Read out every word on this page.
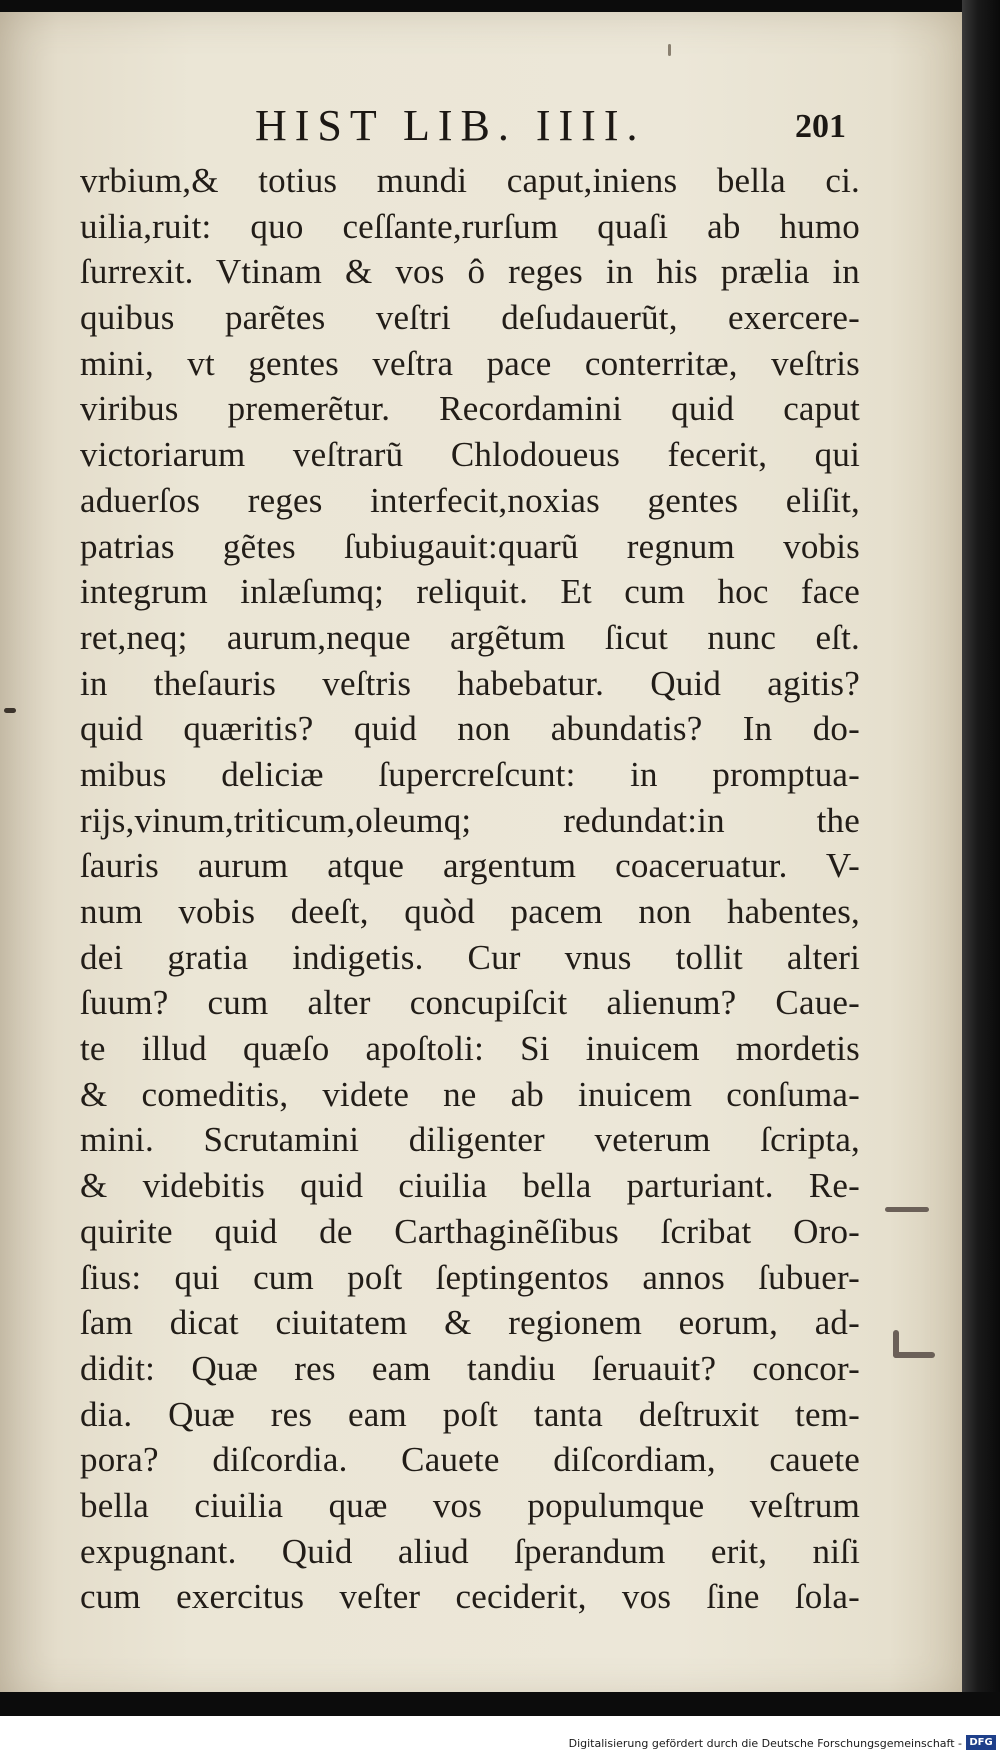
HIST LIB. IIII.	201
vrbium,& totius mundi caput,iniens bella ci.
uilia,ruit: quo ceſſante,rurſum quaſi ab humo
ſurrexit. Vtinam & vos ô reges in his prælia in
quibus parẽtes veſtri deſudauerũt, exercere-
mini, vt gentes veſtra pace conterritæ, veſtris
viribus premerẽtur. Recordamini quid caput
victoriarum veſtrarũ Chlodoueus fecerit, qui
aduerſos reges interfecit,noxias gentes eliſit,
patrias gẽtes ſubiugauit:quarũ regnum vobis
integrum inlæſumq; reliquit. Et cum hoc face
ret,neq; aurum,neque argẽtum ſicut nunc eſt.
in theſauris veſtris habebatur. Quid agitis?
quid quæritis? quid non abundatis? In do-
mibus deliciæ ſupercreſcunt: in promptua-
rijs,vinum,triticum,oleumq; redundat:in the
ſauris aurum atque argentum coaceruatur. V-
num vobis deeſt, quòd pacem non habentes,
dei gratia indigetis. Cur vnus tollit alteri
ſuum? cum alter concupiſcit alienum? Caue-
te illud quæſo apoſtoli: Si inuicem mordetis
& comeditis, videte ne ab inuicem conſuma-
mini. Scrutamini diligenter veterum ſcripta,
& videbitis quid ciuilia bella parturiant. Re-
quirite quid de Carthaginẽſibus ſcribat Oro-
ſius: qui cum poſt ſeptingentos annos ſubuer-
ſam dicat ciuitatem & regionem eorum, ad-
didit: Quæ res eam tandiu ſeruauit? concor-
dia. Quæ res eam poſt tanta deſtruxit tem-
pora? diſcordia. Cauete diſcordiam, cauete
bella ciuilia quæ vos populumque veſtrum
expugnant. Quid aliud ſperandum erit, niſi
cum exercitus veſter ceciderit, vos ſine ſola-
Digitalisierung gefördert durch die Deutsche Forschungsgemeinschaft - DFG
